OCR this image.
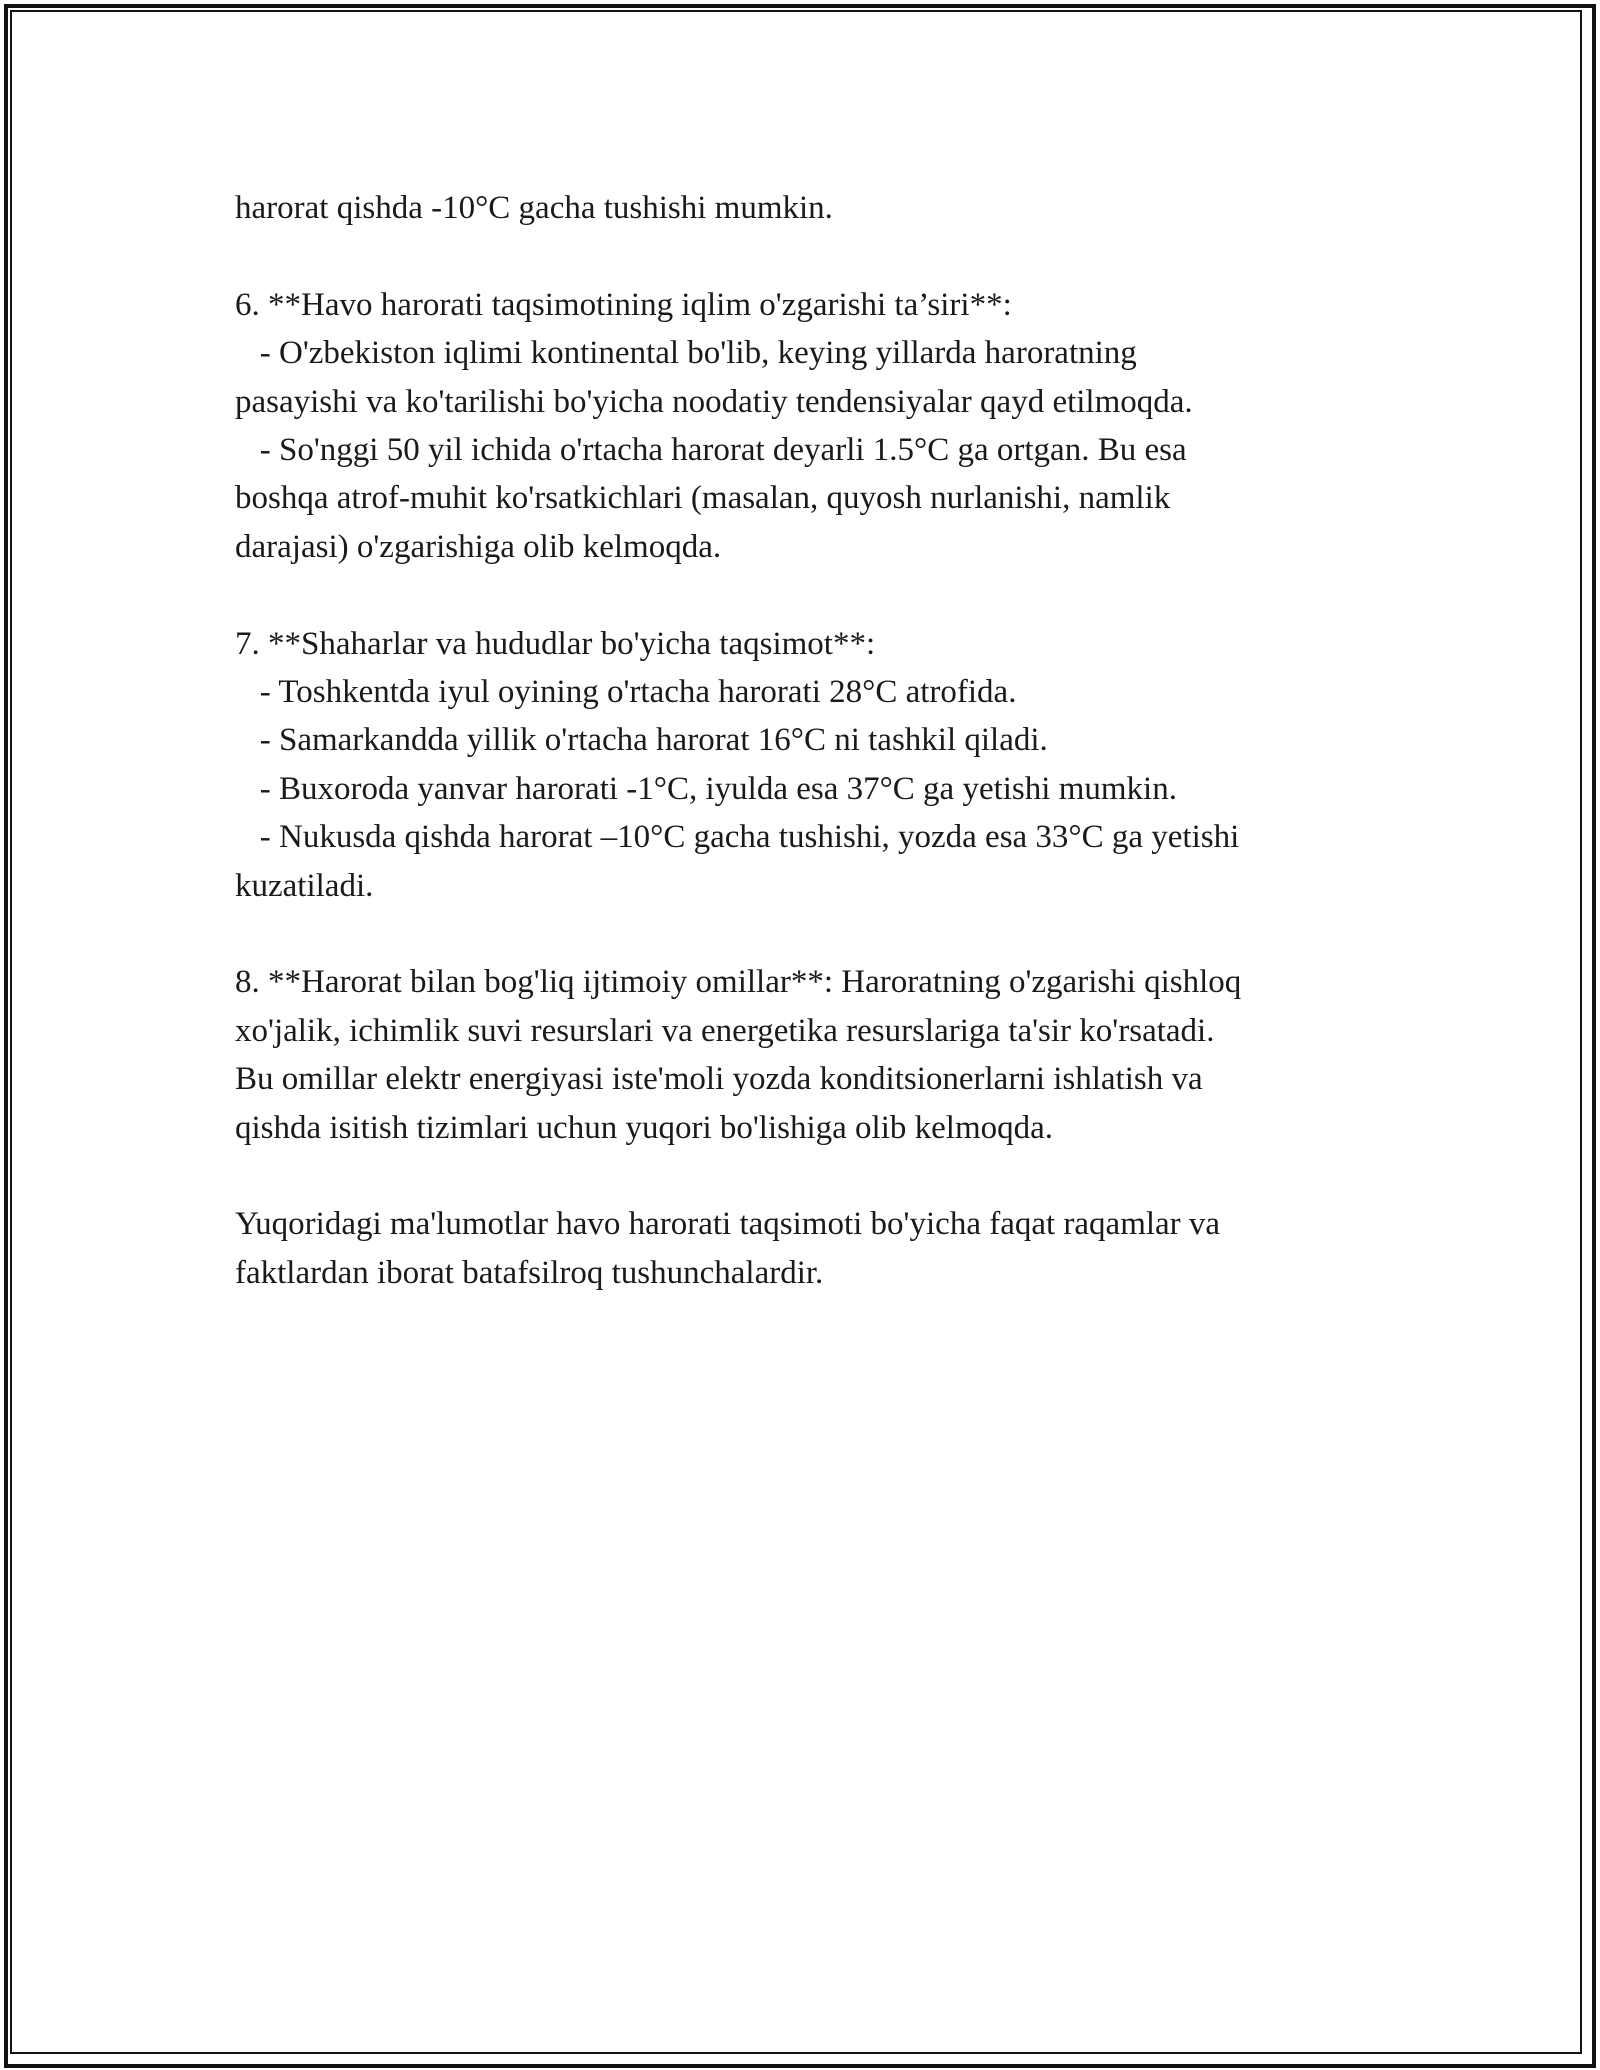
harorat qishda -10°C gacha tushishi mumkin.
6. **Havo harorati taqsimotining iqlim o'zgarishi ta’siri**:
- O'zbekiston iqlimi kontinental bo'lib, keying yillarda haroratning
pasayishi va ko'tarilishi bo'yicha noodatiy tendensiyalar qayd etilmoqda.
- So'nggi 50 yil ichida o'rtacha harorat deyarli 1.5°C ga ortgan. Bu esa
boshqa atrof-muhit ko'rsatkichlari (masalan, quyosh nurlanishi, namlik
darajasi) o'zgarishiga olib kelmoqda.
7. **Shaharlar va hududlar bo'yicha taqsimot**:
- Toshkentda iyul oyining o'rtacha harorati 28°C atrofida.
- Samarkandda yillik o'rtacha harorat 16°C ni tashkil qiladi.
- Buxoroda yanvar harorati -1°C, iyulda esa 37°C ga yetishi mumkin.
- Nukusda qishda harorat –10°C gacha tushishi, yozda esa 33°C ga yetishi
kuzatiladi.
8. **Harorat bilan bog'liq ijtimoiy omillar**: Haroratning o'zgarishi qishloq
xo'jalik, ichimlik suvi resurslari va energetika resurslariga ta'sir ko'rsatadi.
Bu omillar elektr energiyasi iste'moli yozda konditsionerlarni ishlatish va
qishda isitish tizimlari uchun yuqori bo'lishiga olib kelmoqda.
Yuqoridagi ma'lumotlar havo harorati taqsimoti bo'yicha faqat raqamlar va
faktlardan iborat batafsilroq tushunchalardir.
